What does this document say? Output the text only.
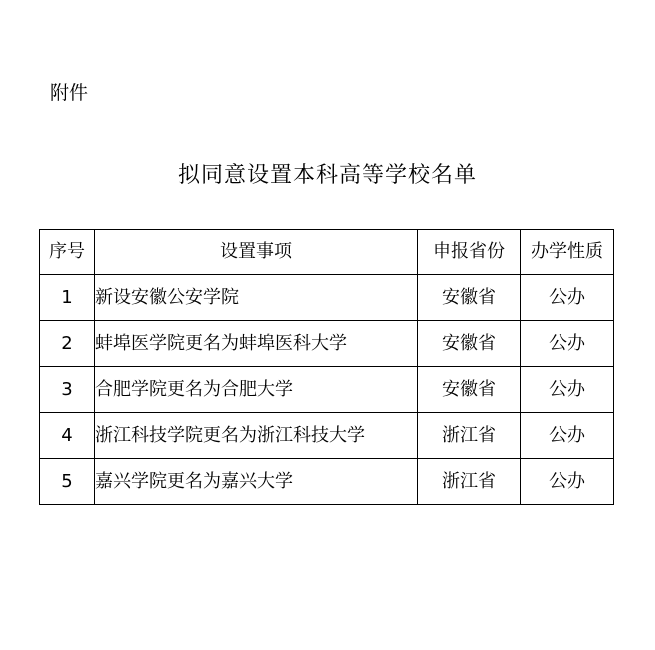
附件
拟同意设置本科高等学校名单
序号	设置事项	申报省份	办学性质
1	新设安徽公安学院	安徽省	公办
2	蚌埠医学院更名为蚌埠医科大学	安徽省	公办
3	合肥学院更名为合肥大学	安徽省	公办
4	浙江科技学院更名为浙江科技大学	浙江省	公办
5	嘉兴学院更名为嘉兴大学	浙江省	公办
